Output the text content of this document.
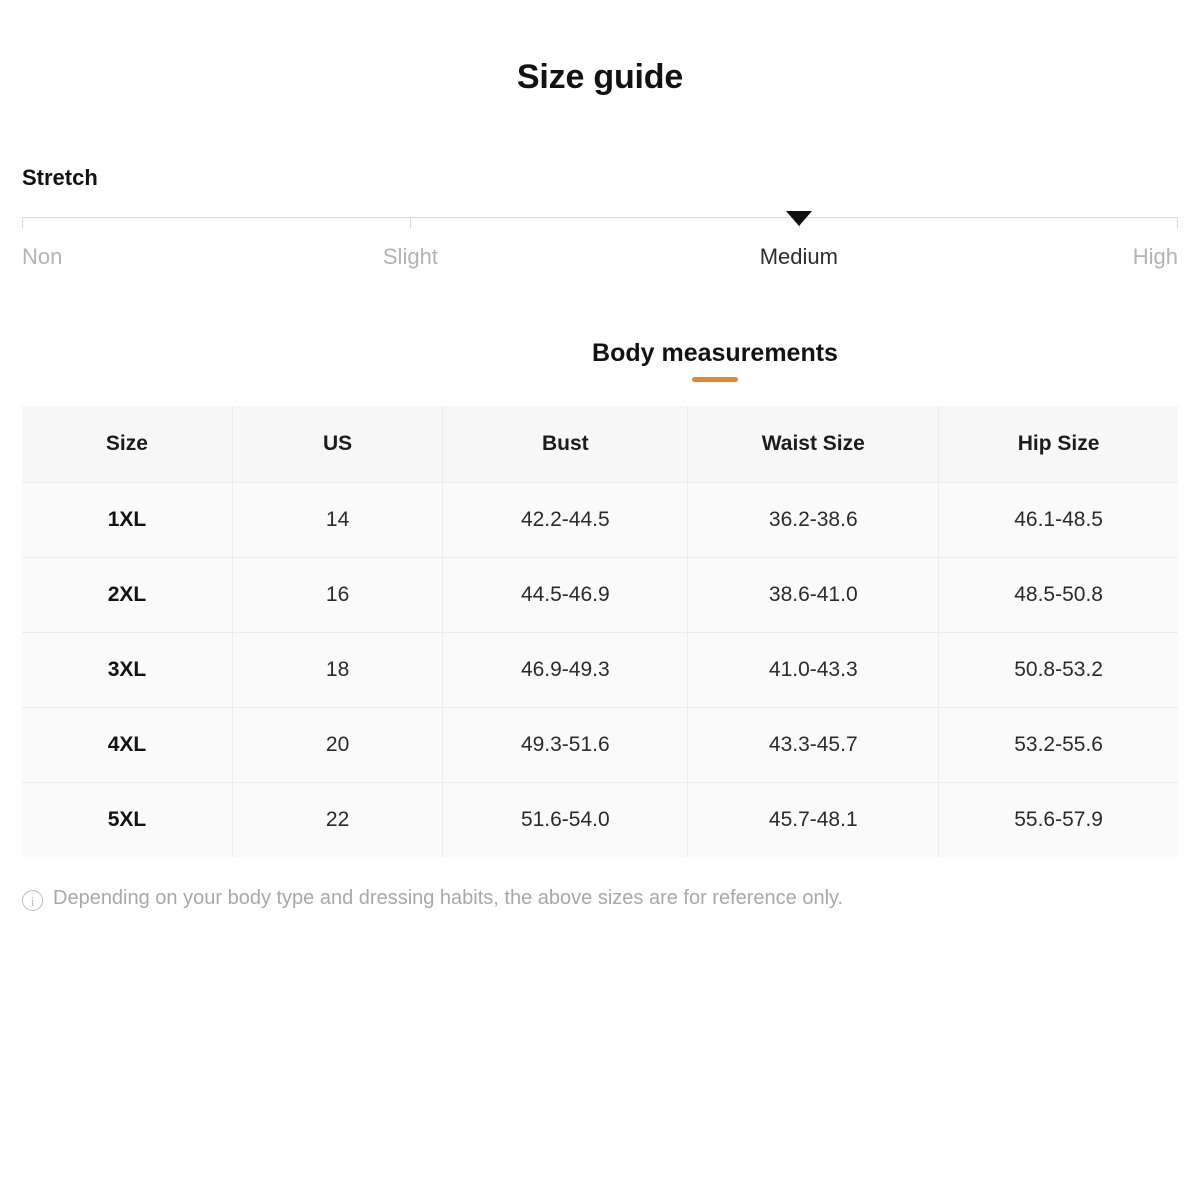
Size guide
Stretch
Non	Slight	Medium	High
Body measurements
Size	US	Bust	Waist Size	Hip Size
1XL	14	42.2-44.5	36.2-38.6	46.1-48.5
2XL	16	44.5-46.9	38.6-41.0	48.5-50.8
3XL	18	46.9-49.3	41.0-43.3	50.8-53.2
4XL	20	49.3-51.6	43.3-45.7	53.2-55.6
5XL	22	51.6-54.0	45.7-48.1	55.6-57.9
i
Depending on your body type and dressing habits, the above sizes are for reference only.
